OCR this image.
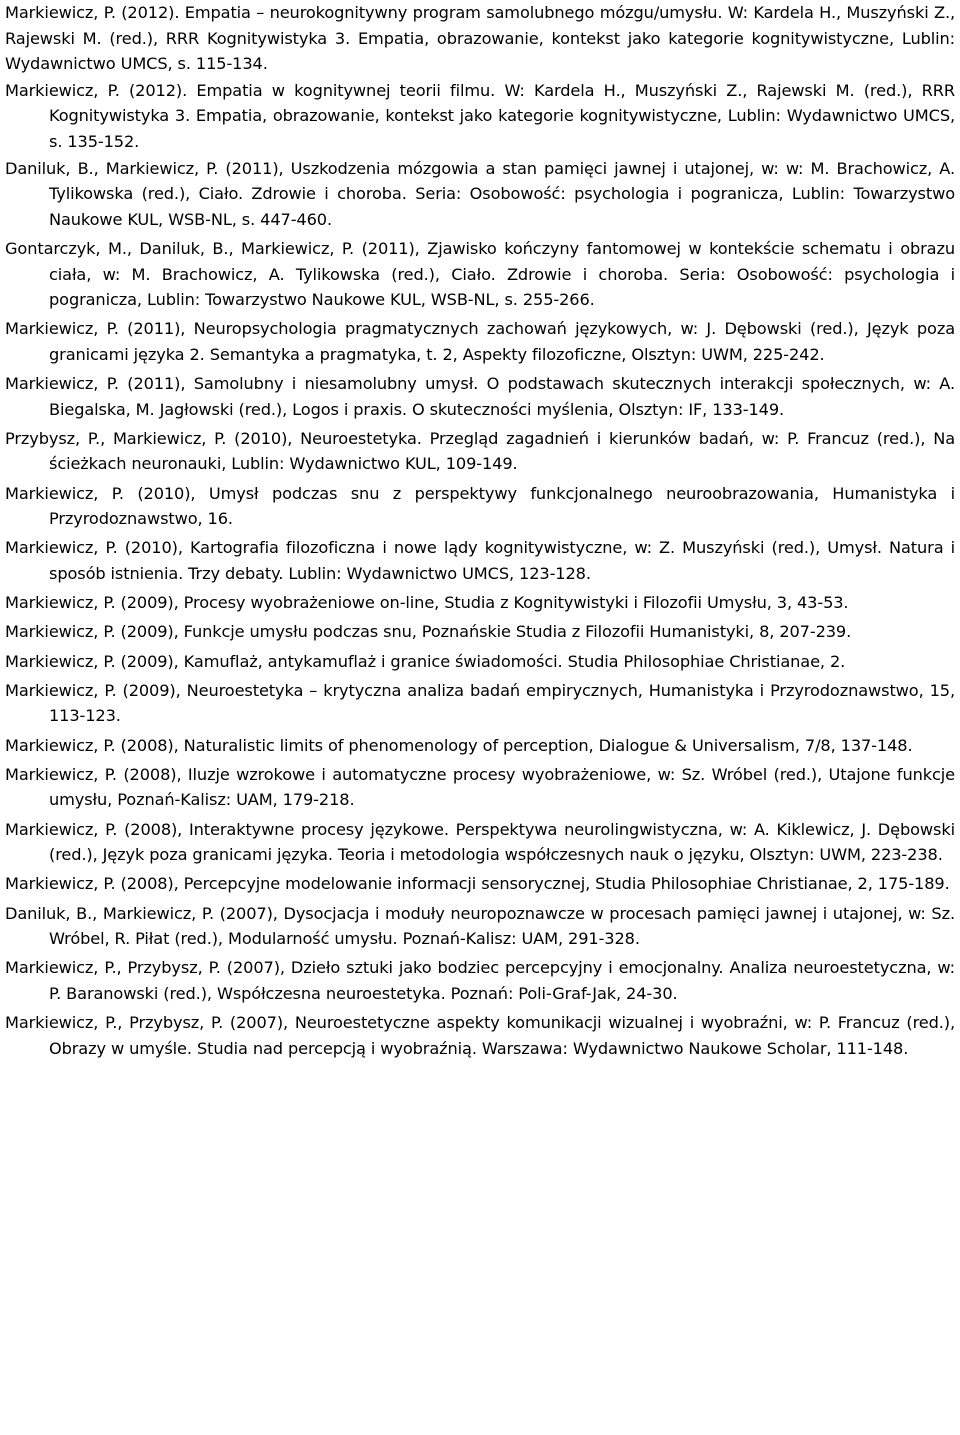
Markiewicz, P. (2012). Empatia – neurokognitywny program samolubnego mózgu/umysłu. W: Kardela H., Muszyński Z., Rajewski M. (red.), RRR Kognitywistyka 3. Empatia, obrazowanie, kontekst jako kategorie kognitywistyczne, Lublin: Wydawnictwo UMCS, s. 115-134.

Markiewicz, P. (2012). Empatia w kognitywnej teorii filmu. W: Kardela H., Muszyński Z., Rajewski M. (red.), RRR Kognitywistyka 3. Empatia, obrazowanie, kontekst jako kategorie kognitywistyczne, Lublin: Wydawnictwo UMCS, s. 135-152.

Daniluk, B., Markiewicz, P. (2011), Uszkodzenia mózgowia a stan pamięci jawnej i utajonej, w: w: M. Brachowicz, A. Tylikowska (red.), Ciało. Zdrowie i choroba. Seria: Osobowość: psychologia i pogranicza, Lublin: Towarzystwo Naukowe KUL, WSB-NL, s. 447-460.

Gontarczyk, M., Daniluk, B., Markiewicz, P. (2011), Zjawisko kończyny fantomowej w kontekście schematu i obrazu ciała, w: M. Brachowicz, A. Tylikowska (red.), Ciało. Zdrowie i choroba. Seria: Osobowość: psychologia i pogranicza, Lublin: Towarzystwo Naukowe KUL, WSB-NL, s. 255-266.

Markiewicz, P. (2011), Neuropsychologia pragmatycznych zachowań językowych, w: J. Dębowski (red.), Język poza granicami języka 2. Semantyka a pragmatyka, t. 2, Aspekty filozoficzne, Olsztyn: UWM, 225-242.

Markiewicz, P. (2011), Samolubny i niesamolubny umysł. O podstawach skutecznych interakcji społecznych, w: A. Biegalska, M. Jagłowski (red.), Logos i praxis. O skuteczności myślenia, Olsztyn: IF, 133-149.

Przybysz, P., Markiewicz, P. (2010), Neuroestetyka. Przegląd zagadnień i kierunków badań, w: P. Francuz (red.), Na ścieżkach neuronauki, Lublin: Wydawnictwo KUL, 109-149.

Markiewicz, P. (2010), Umysł podczas snu z perspektywy funkcjonalnego neuroobrazowania, Humanistyka i Przyrodoznawstwo, 16.

Markiewicz, P. (2010), Kartografia filozoficzna i nowe lądy kognitywistyczne, w: Z. Muszyński (red.), Umysł. Natura i sposób istnienia. Trzy debaty. Lublin: Wydawnictwo UMCS, 123-128.

Markiewicz, P. (2009), Procesy wyobrażeniowe on-line, Studia z Kognitywistyki i Filozofii Umysłu, 3, 43-53.

Markiewicz, P. (2009), Funkcje umysłu podczas snu, Poznańskie Studia z Filozofii Humanistyki, 8, 207-239.

Markiewicz, P. (2009), Kamuflaż, antykamuflaż i granice świadomości. Studia Philosophiae Christianae, 2.

Markiewicz, P. (2009), Neuroestetyka – krytyczna analiza badań empirycznych, Humanistyka i Przyrodoznawstwo, 15, 113-123.

Markiewicz, P. (2008), Naturalistic limits of phenomenology of perception, Dialogue & Universalism, 7/8, 137-148.

Markiewicz, P. (2008), Iluzje wzrokowe i automatyczne procesy wyobrażeniowe, w: Sz. Wróbel (red.), Utajone funkcje umysłu, Poznań-Kalisz: UAM, 179-218.

Markiewicz, P. (2008), Interaktywne procesy językowe. Perspektywa neurolingwistyczna, w: A. Kiklewicz, J. Dębowski (red.), Język poza granicami języka. Teoria i metodologia współczesnych nauk o języku, Olsztyn: UWM, 223-238.

Markiewicz, P. (2008), Percepcyjne modelowanie informacji sensorycznej, Studia Philosophiae Christianae, 2, 175-189.

Daniluk, B., Markiewicz, P. (2007), Dysocjacja i moduły neuropoznawcze w procesach pamięci jawnej i utajonej, w: Sz. Wróbel, R. Piłat (red.), Modularność umysłu. Poznań-Kalisz: UAM, 291-328.

Markiewicz, P., Przybysz, P. (2007), Dzieło sztuki jako bodziec percepcyjny i emocjonalny. Analiza neuroestetyczna, w: P. Baranowski (red.), Współczesna neuroestetyka. Poznań: Poli-Graf-Jak, 24-30.

Markiewicz, P., Przybysz, P. (2007), Neuroestetyczne aspekty komunikacji wizualnej i wyobraźni, w: P. Francuz (red.), Obrazy w umyśle. Studia nad percepcją i wyobraźnią. Warszawa: Wydawnictwo Naukowe Scholar, 111-148.
